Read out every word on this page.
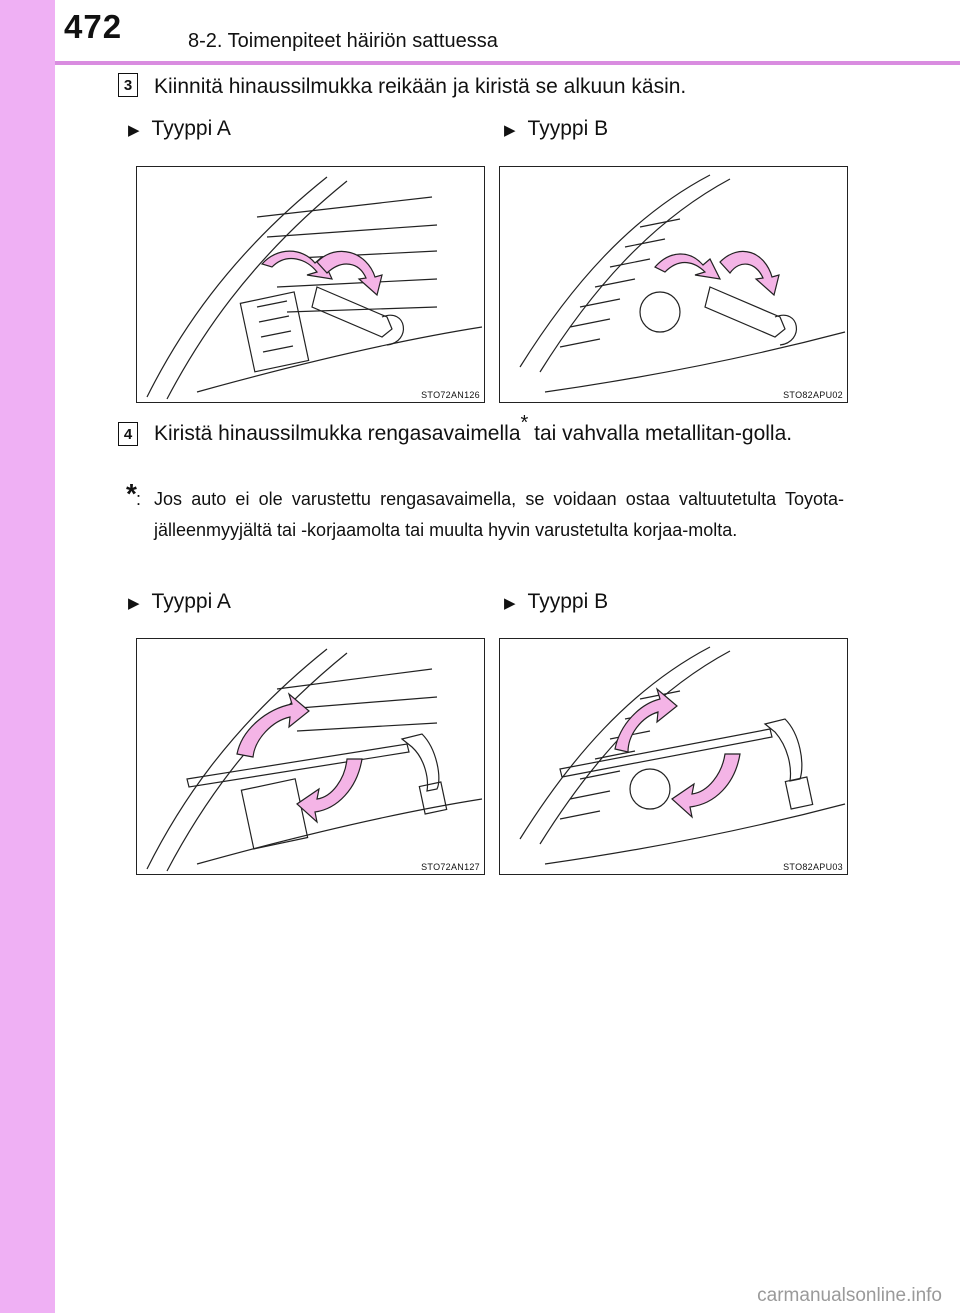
472	8-2. Toimenpiteet häiriön sattuessa
3 Kiinnitä hinaussilmukka reikään ja kiristä se alkuun käsin.
▶ Tyyppi A	▶ Tyyppi B
STO72AN126	STO82APU02
4 Kiristä hinaussilmukka rengasavaimella* tai vahvalla metallitan-golla.
* : Jos auto ei ole varustettu rengasavaimella, se voidaan ostaa valtuutetulta Toyota-jälleenmyyjältä tai -korjaamolta tai muulta hyvin varustetulta korjaa-molta.
▶ Tyyppi A	▶ Tyyppi B
STO72AN127	STO82APU03
carmanualsonline.info
